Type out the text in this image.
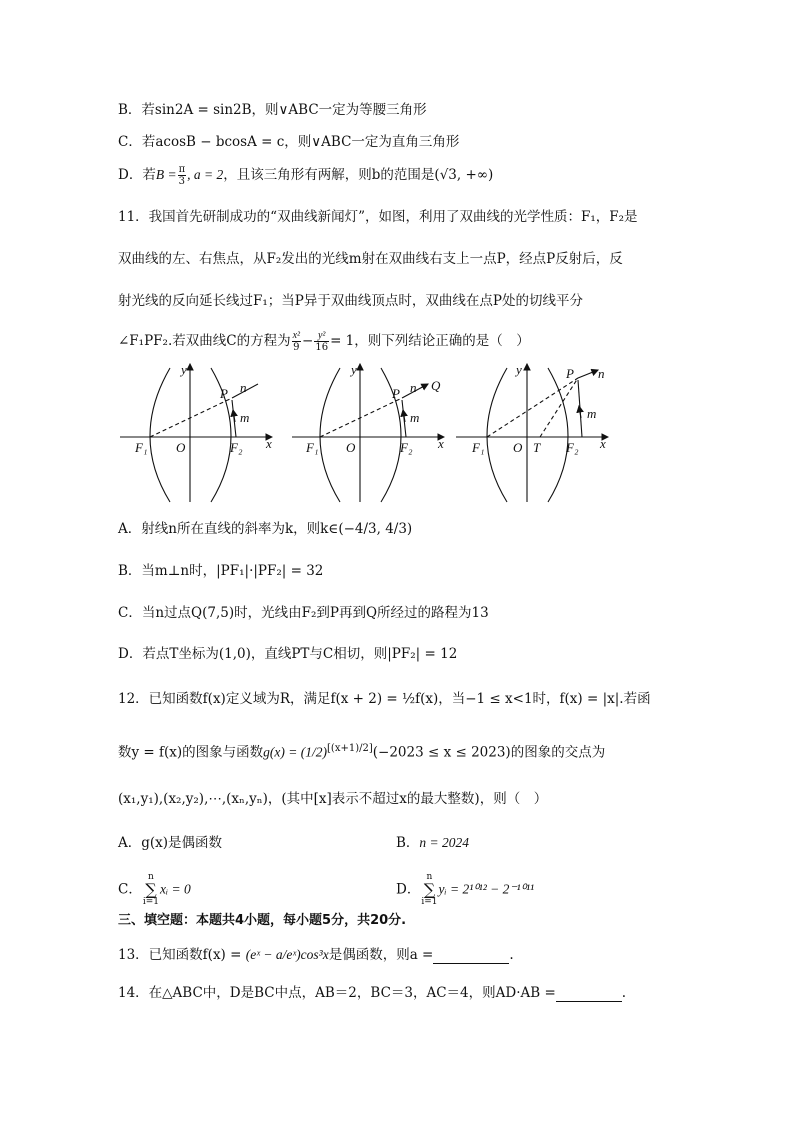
B．若sin2A = sin2B，则∨ABC一定为等腰三角形
C．若acosB − bcosA = c，则∨ABC一定为直角三角形
D．若$B = \frac{\pi}{3}$ , a = 2，且该三角形有两解，则b的范围是(√3, +∞)
11．我国首先研制成功的“双曲线新闻灯”，如图，利用了双曲线的光学性质：F₁，F₂是
双曲线的左、右焦点，从F₂发出的光线m射在双曲线右支上一点P，经点P反射后，反
射光线的反向延长线过F₁；当P异于双曲线顶点时，双曲线在点P处的切线平分
∠F₁PF₂.若双曲线C的方程为 $\frac{\text{x²}}{9} - \frac{\text{y²}}{16} = 1$，则下列结论正确的是（　）
y
x
P n
m
F₁ O	F₂
y
x
P n Q
m
F₁ O	F₂
y
x
P n
m
F₁ O T F₂
A．射线n所在直线的斜率为k，则k∈(−4/3, 4/3)
B．当m⊥n时，|PF₁|·|PF₂| = 32
C．当n过点Q(7,5)时，光线由F₂到P再到Q所经过的路程为13
D．若点T坐标为(1,0)，直线PT与C相切，则|PF₂| = 12
12．已知函数f(x)定义域为R，满足f(x + 2) = ½f(x)，当−1 ≤ x<1时，f(x) = |x|.若函
数y = f(x)的图象与函数g(x) = (1/2)[(x+1)/2](−2023 ≤ x ≤ 2023)的图象的交点为
(x₁,y₁),(x₂,y₂),⋯,(xₙ,yₙ)，(其中[x]表示不超过x的最大整数)，则（　）
A．g(x)是偶函数	B．n = 2024
C．
n
∑
i=1
xᵢ = 0	D．
n
∑
i=1
yᵢ = 2¹⁰¹² − 2⁻¹⁰¹¹
三、填空题：本题共4小题，每小题5分，共20分.
13．已知函数f(x) = (eˣ − a/eˣ)cos³x是偶函数，则a =	.
14．在△ABC中，D是BC中点，AB＝2，BC＝3，AC＝4，则AD·AB =	.
